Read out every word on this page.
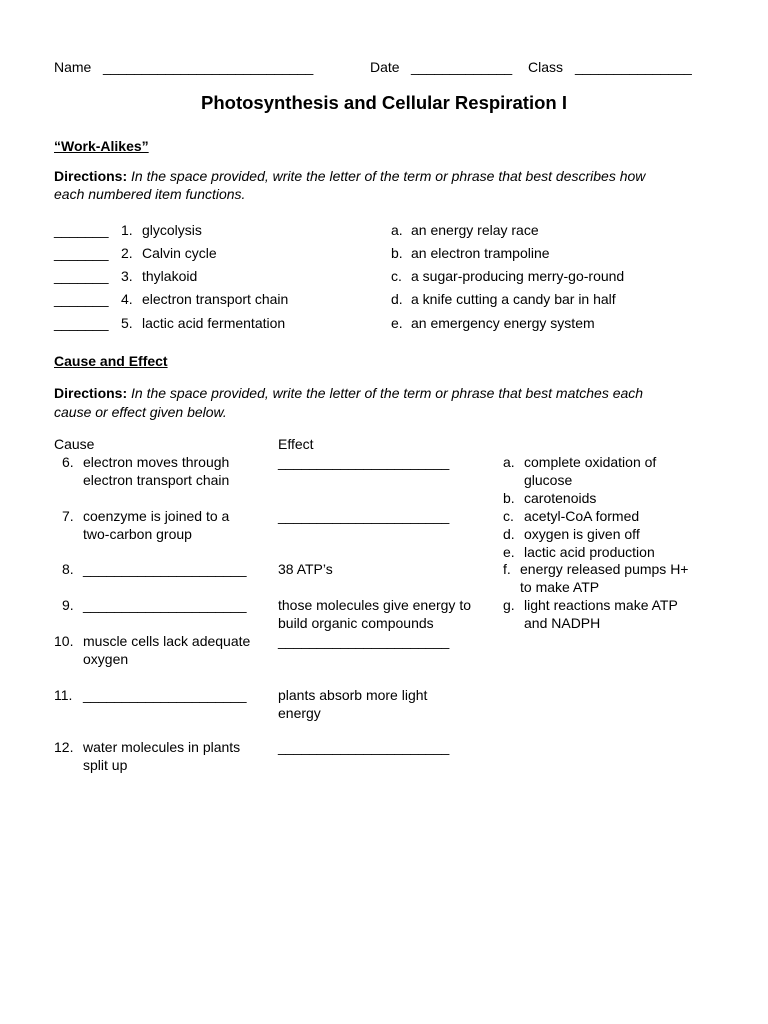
Name ___________________________	Date _____________ Class _______________
Photosynthesis and Cellular Respiration I
“Work-Alikes”
Directions: In the space provided, write the letter of the term or phrase that best describes how
each numbered item functions.
_______ 1. glycolysis
_______ 2. Calvin cycle
_______ 3. thylakoid
_______ 4. electron transport chain
_______ 5. lactic acid fermentation
a. an energy relay race
b. an electron trampoline
c. a sugar-producing merry-go-round
d. a knife cutting a candy bar in half
e. an emergency energy system
Cause and Effect
Directions: In the space provided, write the letter of the term or phrase that best matches each
cause or effect given below.
Cause	Effect
6. electron moves through
electron transport chain
______________________
7. coenzyme is joined to a
two-carbon group
______________________
8. _____________________ 38 ATP’s
9. _____________________ those molecules give energy to
build organic compounds
10. muscle cells lack adequate
oxygen
______________________
11. _____________________ plants absorb more light
energy
12. water molecules in plants
split up
______________________
a. complete oxidation of
glucose
b. carotenoids
c. acetyl-CoA formed
d. oxygen is given off
e. lactic acid production
f. energy released pumps H+
to make ATP
g. light reactions make ATP
and NADPH
